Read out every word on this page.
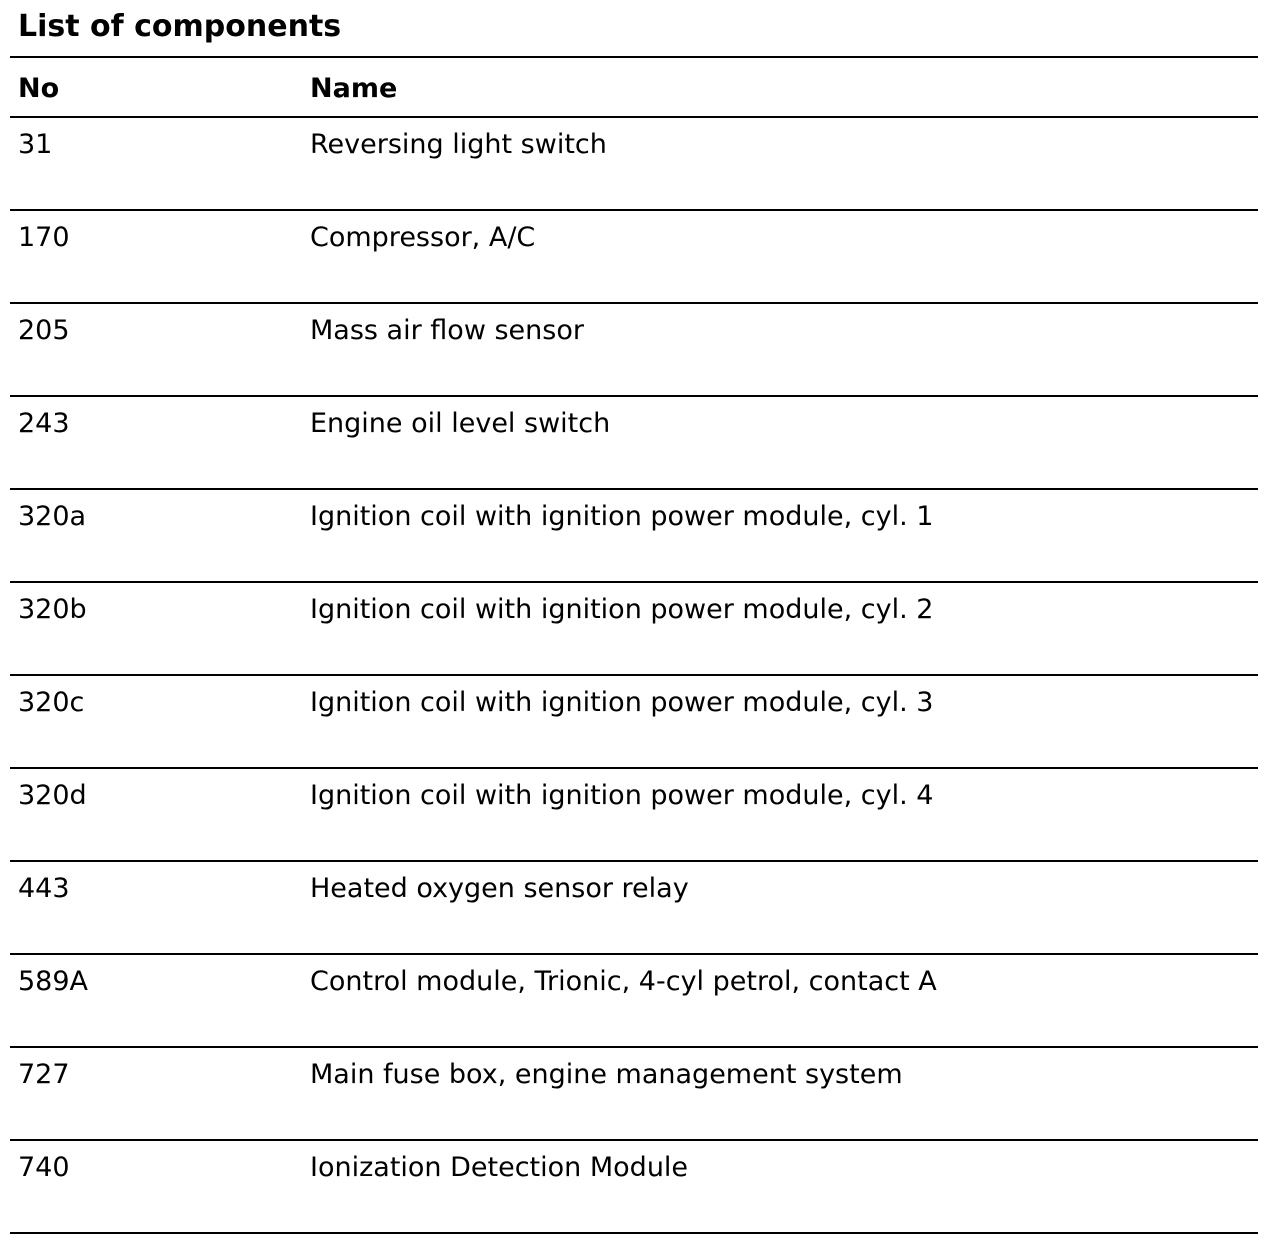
List of components
No	Name
31	Reversing light switch
170	Compressor, A/C
205	Mass air flow sensor
243	Engine oil level switch
320a	Ignition coil with ignition power module, cyl. 1
320b	Ignition coil with ignition power module, cyl. 2
320c	Ignition coil with ignition power module, cyl. 3
320d	Ignition coil with ignition power module, cyl. 4
443	Heated oxygen sensor relay
589A	Control module, Trionic, 4-cyl petrol, contact A
727	Main fuse box, engine management system
740	Ionization Detection Module
